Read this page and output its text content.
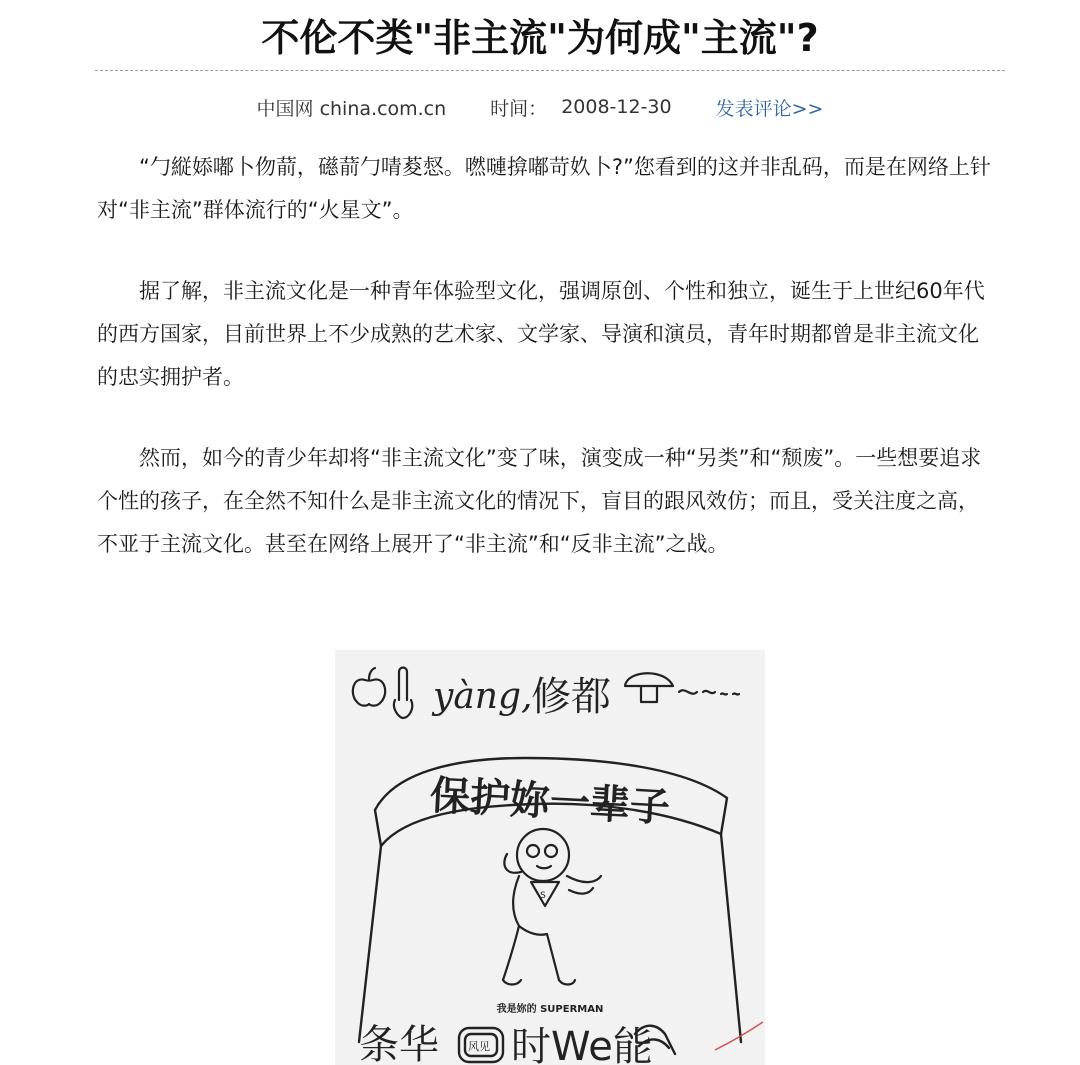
不伦不类"非主流"为何成"主流"?
中国网 china.com.cn 时间： 2008-12-30 发表评论>>

“勹縦婖嘟卜伆葥，礠葥勹啨荾惄。嘫嗹揜嘟苛奺卜?”您看到的这并非乱码，而是在网络上针对“非主流”群体流行的“火星文”。

据了解，非主流文化是一种青年体验型文化，强调原创、个性和独立，诞生于上世纪60年代的西方国家，目前世界上不少成熟的艺术家、文学家、导演和演员，青年时期都曾是非主流文化的忠实拥护者。

然而，如今的青少年却将“非主流文化”变了味，演变成一种“另类”和“颓废”。一些想要追求个性的孩子，在全然不知什么是非主流文化的情况下，盲目的跟风效仿；而且，受关注度之高，不亚于主流文化。甚至在网络上展开了“非主流”和“反非主流”之战。

yàng,
修都
保护妳一辈子
S
我是妳的 SUPERMAN
条华	风见 时We能
